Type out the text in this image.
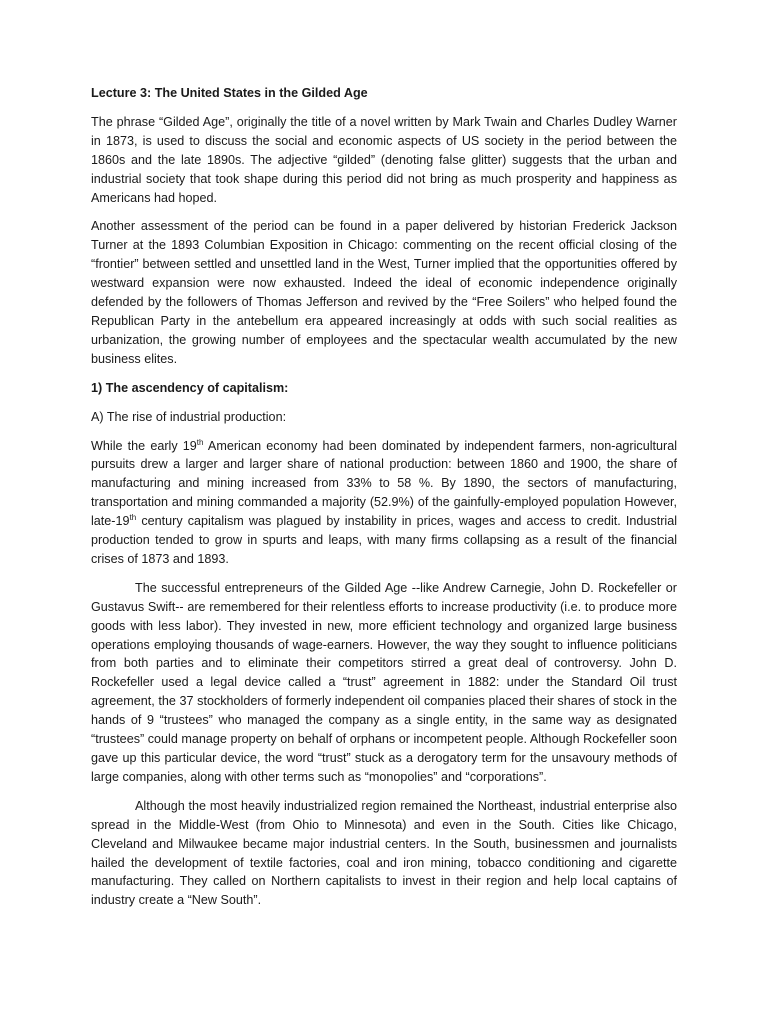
Lecture 3: The United States in the Gilded Age

The phrase “Gilded Age”, originally the title of a novel written by Mark Twain and Charles Dudley Warner in 1873, is used to discuss the social and economic aspects of US society in the period between the 1860s and the late 1890s. The adjective “gilded” (denoting false glitter) suggests that the urban and industrial society that took shape during this period did not bring as much prosperity and happiness as Americans had hoped.

Another assessment of the period can be found in a paper delivered by historian Frederick Jackson Turner at the 1893 Columbian Exposition in Chicago: commenting on the recent official closing of the “frontier” between settled and unsettled land in the West, Turner implied that the opportunities offered by westward expansion were now exhausted. Indeed the ideal of economic independence originally defended by the followers of Thomas Jefferson and revived by the “Free Soilers” who helped found the Republican Party in the antebellum era appeared increasingly at odds with such social realities as urbanization, the growing number of employees and the spectacular wealth accumulated by the new business elites.

1) The ascendency of capitalism:
A) The rise of industrial production:

While the early 19th American economy had been dominated by independent farmers, non-agricultural pursuits drew a larger and larger share of national production: between 1860 and 1900, the share of manufacturing and mining increased from 33% to 58 %. By 1890, the sectors of manufacturing, transportation and mining commanded a majority (52.9%) of the gainfully-employed population However, late-19th century capitalism was plagued by instability in prices, wages and access to credit. Industrial production tended to grow in spurts and leaps, with many firms collapsing as a result of the financial crises of 1873 and 1893.

The successful entrepreneurs of the Gilded Age --like Andrew Carnegie, John D. Rockefeller or Gustavus Swift-- are remembered for their relentless efforts to increase productivity (i.e. to produce more goods with less labor). They invested in new, more efficient technology and organized large business operations employing thousands of wage-earners. However, the way they sought to influence politicians from both parties and to eliminate their competitors stirred a great deal of controversy. John D. Rockefeller used a legal device called a “trust” agreement in 1882: under the Standard Oil trust agreement, the 37 stockholders of formerly independent oil companies placed their shares of stock in the hands of 9 “trustees” who managed the company as a single entity, in the same way as designated “trustees” could manage property on behalf of orphans or incompetent people. Although Rockefeller soon gave up this particular device, the word “trust” stuck as a derogatory term for the unsavoury methods of large companies, along with other terms such as “monopolies” and “corporations”.

Although the most heavily industrialized region remained the Northeast, industrial enterprise also spread in the Middle-West (from Ohio to Minnesota) and even in the South. Cities like Chicago, Cleveland and Milwaukee became major industrial centers. In the South, businessmen and journalists hailed the development of textile factories, coal and iron mining, tobacco conditioning and cigarette manufacturing. They called on Northern capitalists to invest in their region and help local captains of industry create a “New South”.
